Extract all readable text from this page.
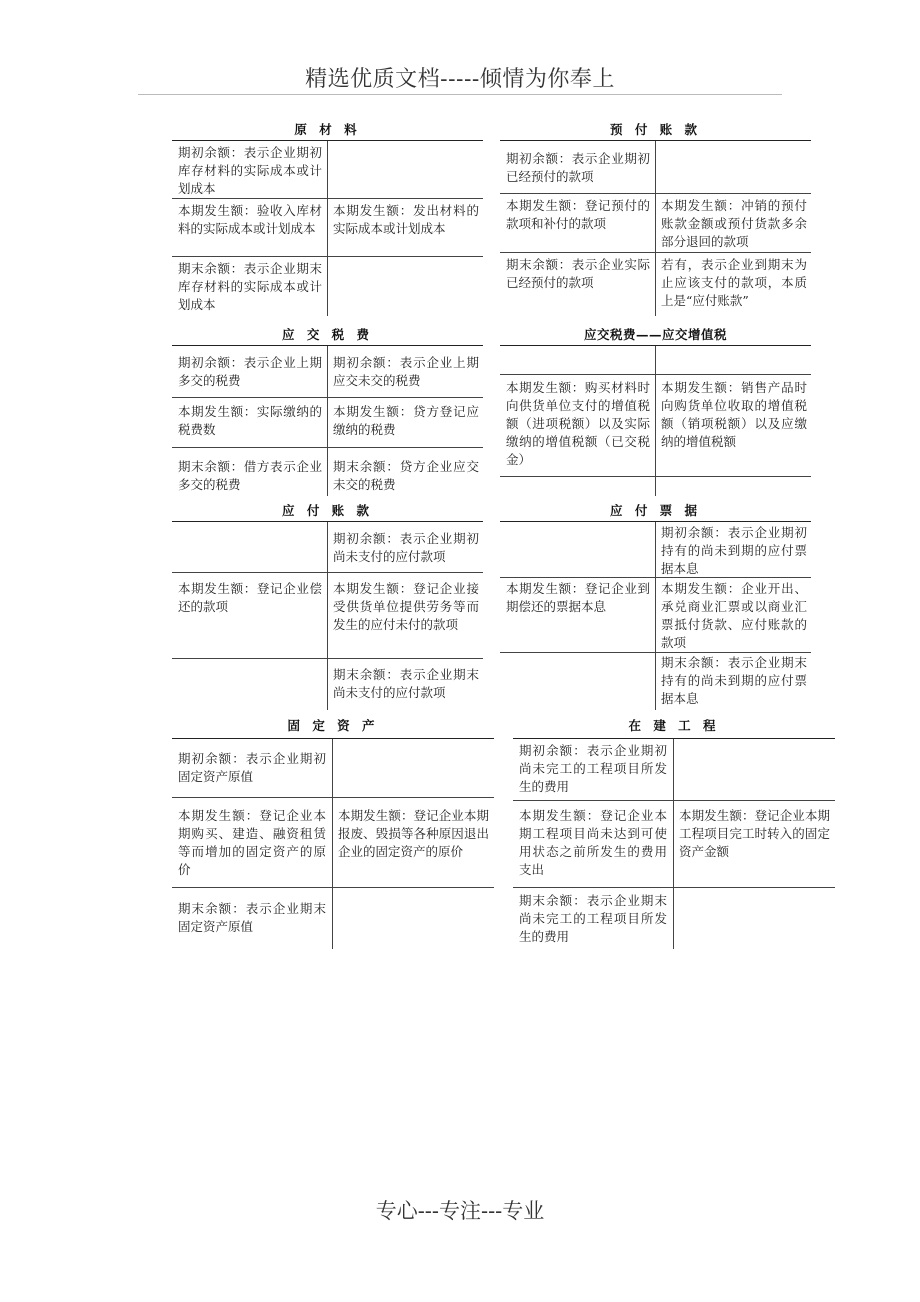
精选优质文档-----倾情为你奉上
原 材 料
期初余额：表示企业期初库存材料的实际成本或计划成本
本期发生额：验收入库材料的实际成本或计划成本
本期发生额：发出材料的实际成本或计划成本
期末余额：表示企业期末库存材料的实际成本或计划成本
预 付 账 款
期初余额：表示企业期初已经预付的款项
本期发生额：登记预付的款项和补付的款项
本期发生额：冲销的预付账款金额或预付货款多余部分退回的款项
期末余额：表示企业实际已经预付的款项
若有，表示企业到期末为止应该支付的款项，本质上是“应付账款”
应 交 税 费
期初余额：表示企业上期多交的税费
期初余额：表示企业上期应交未交的税费
本期发生额：实际缴纳的税费数
本期发生额：贷方登记应缴纳的税费
期末余额：借方表示企业多交的税费
期末余额：贷方企业应交未交的税费
应交税费——应交增值税
本期发生额：购买材料时向供货单位支付的增值税额（进项税额）以及实际缴纳的增值税额（已交税金）
本期发生额：销售产品时向购货单位收取的增值税额（销项税额）以及应缴纳的增值税额
应 付 账 款
期初余额：表示企业期初尚未支付的应付款项
本期发生额：登记企业偿还的款项
本期发生额：登记企业接受供货单位提供劳务等而发生的应付未付的款项
期末余额：表示企业期末尚未支付的应付款项
应 付 票 据
期初余额：表示企业期初持有的尚未到期的应付票据本息
本期发生额：登记企业到期偿还的票据本息
本期发生额：企业开出、承兑商业汇票或以商业汇票抵付货款、应付账款的款项
期末余额：表示企业期末持有的尚未到期的应付票据本息
固 定 资 产
期初余额：表示企业期初固定资产原值
本期发生额：登记企业本期购买、建造、融资租赁等而增加的固定资产的原价
本期发生额：登记企业本期报废、毁损等各种原因退出企业的固定资产的原价
期末余额：表示企业期末固定资产原值
在 建 工 程
期初余额：表示企业期初尚未完工的工程项目所发生的费用
本期发生额：登记企业本期工程项目尚未达到可使用状态之前所发生的费用支出
本期发生额：登记企业本期工程项目完工时转入的固定资产金额
期末余额：表示企业期末尚未完工的工程项目所发生的费用
专心---专注---专业
